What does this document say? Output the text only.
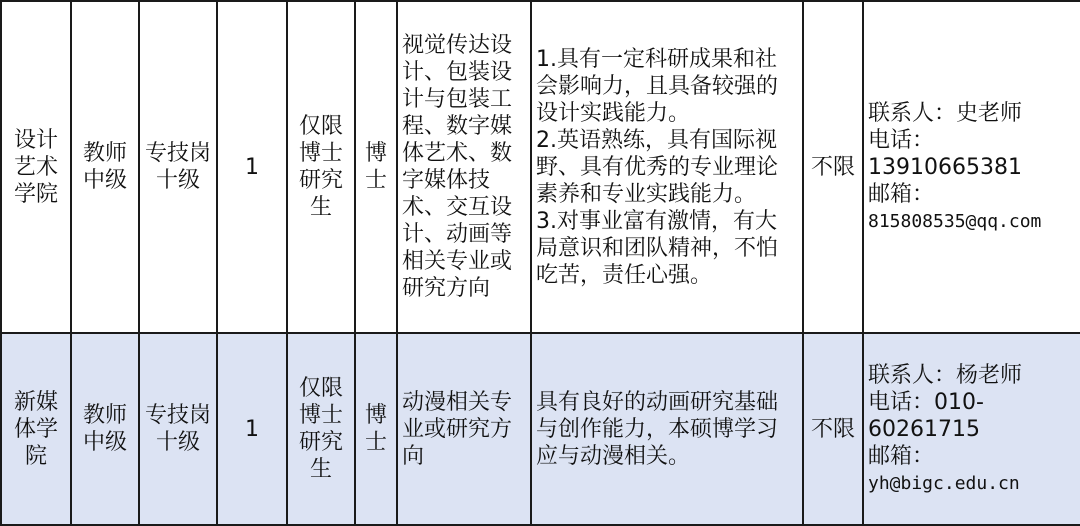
设计艺术学院	教师中级	专技岗十级	1	仅限博士研究生	博士	视觉传达设计、包装设计与包装工程、数字媒体艺术、数字媒体技术、交互设计、动画等相关专业或研究方向	1.具有一定科研成果和社会影响力，且具备较强的设计实践能力。
2.英语熟练，具有国际视野、具有优秀的专业理论素养和专业实践能力。
3.对事业富有激情，有大局意识和团队精神，不怕吃苦，责任心强。	不限	联系人：史老师
电话：
13910665381
邮箱：
815808535@qq.com

新媒体学院	教师中级	专技岗十级	1	仅限博士研究生	博士	动漫相关专业或研究方向	具有良好的动画研究基础与创作能力，本硕博学习应与动漫相关。	不限	联系人：杨老师
电话：010-
60261715
邮箱：
yh@bigc.edu.cn
